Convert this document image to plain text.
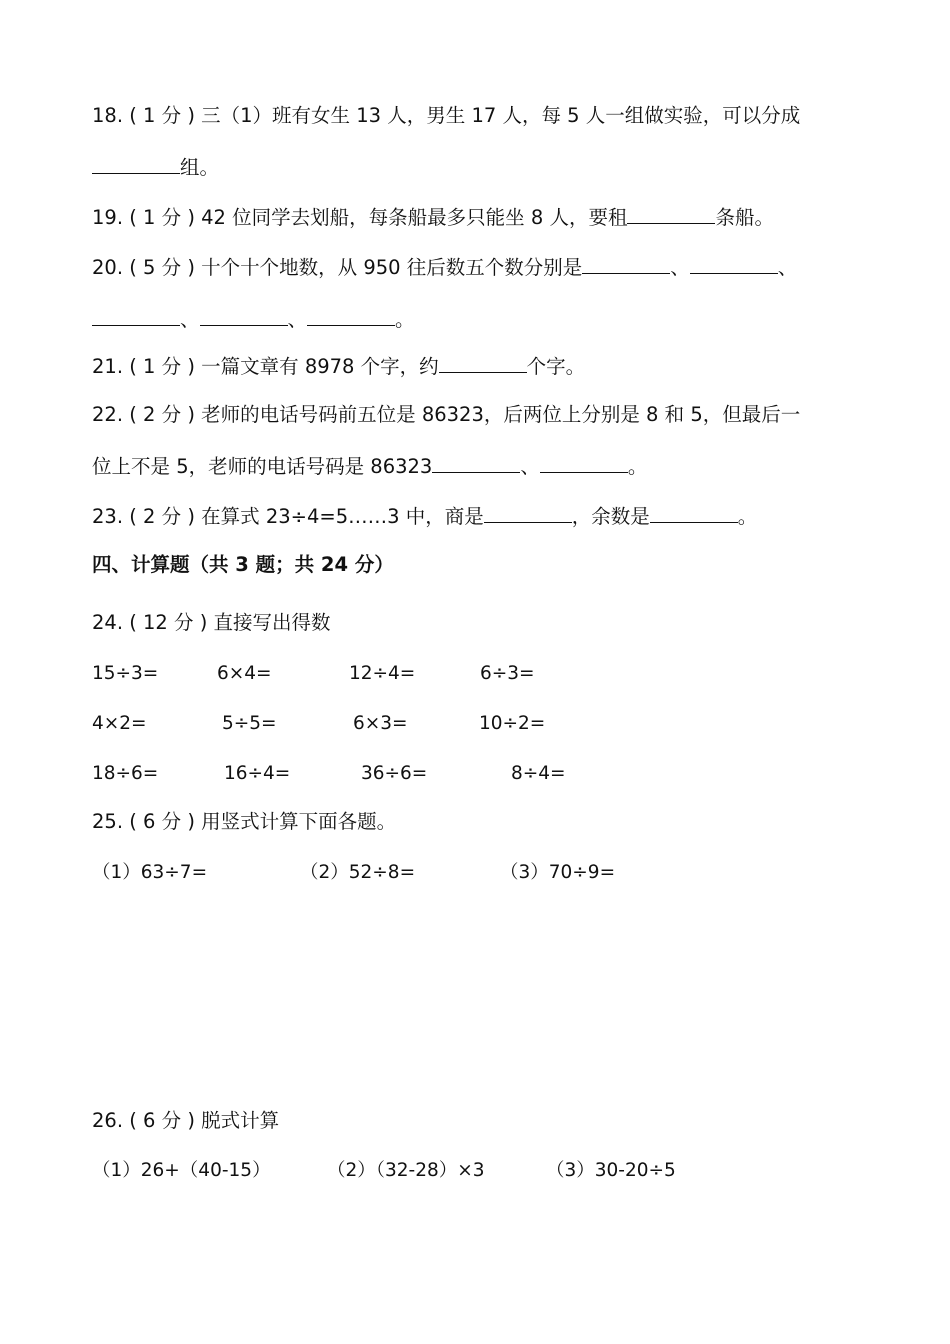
18. ( 1 分 ) 三（1）班有女生 13 人，男生 17 人，每 5 人一组做实验，可以分成
组。
19. ( 1 分 ) 42 位同学去划船，每条船最多只能坐 8 人，要租	条船。
20. ( 5 分 ) 十个十个地数，从 950 往后数五个数分别是	、	、
、	、	。
21. ( 1 分 ) 一篇文章有 8978 个字，约	个字。
22. ( 2 分 ) 老师的电话号码前五位是 86323，后两位上分别是 8 和 5，但最后一
位上不是 5，老师的电话号码是 86323	、	。
23. ( 2 分 ) 在算式 23÷4=5……3 中，商是	，余数是	。
四、计算题（共 3 题；共 24 分）
24. ( 12 分 ) 直接写出得数
15÷3=	6×4=	12÷4=	6÷3=
4×2=	5÷5=	6×3=	10÷2=
18÷6=	16÷4=	36÷6=	8÷4=
25. ( 6 分 ) 用竖式计算下面各题。
（1）63÷7=	（2）52÷8=	（3）70÷9=
26. ( 6 分 ) 脱式计算
（1）26+（40-15）	（2）（32-28）×3	（3）30-20÷5
